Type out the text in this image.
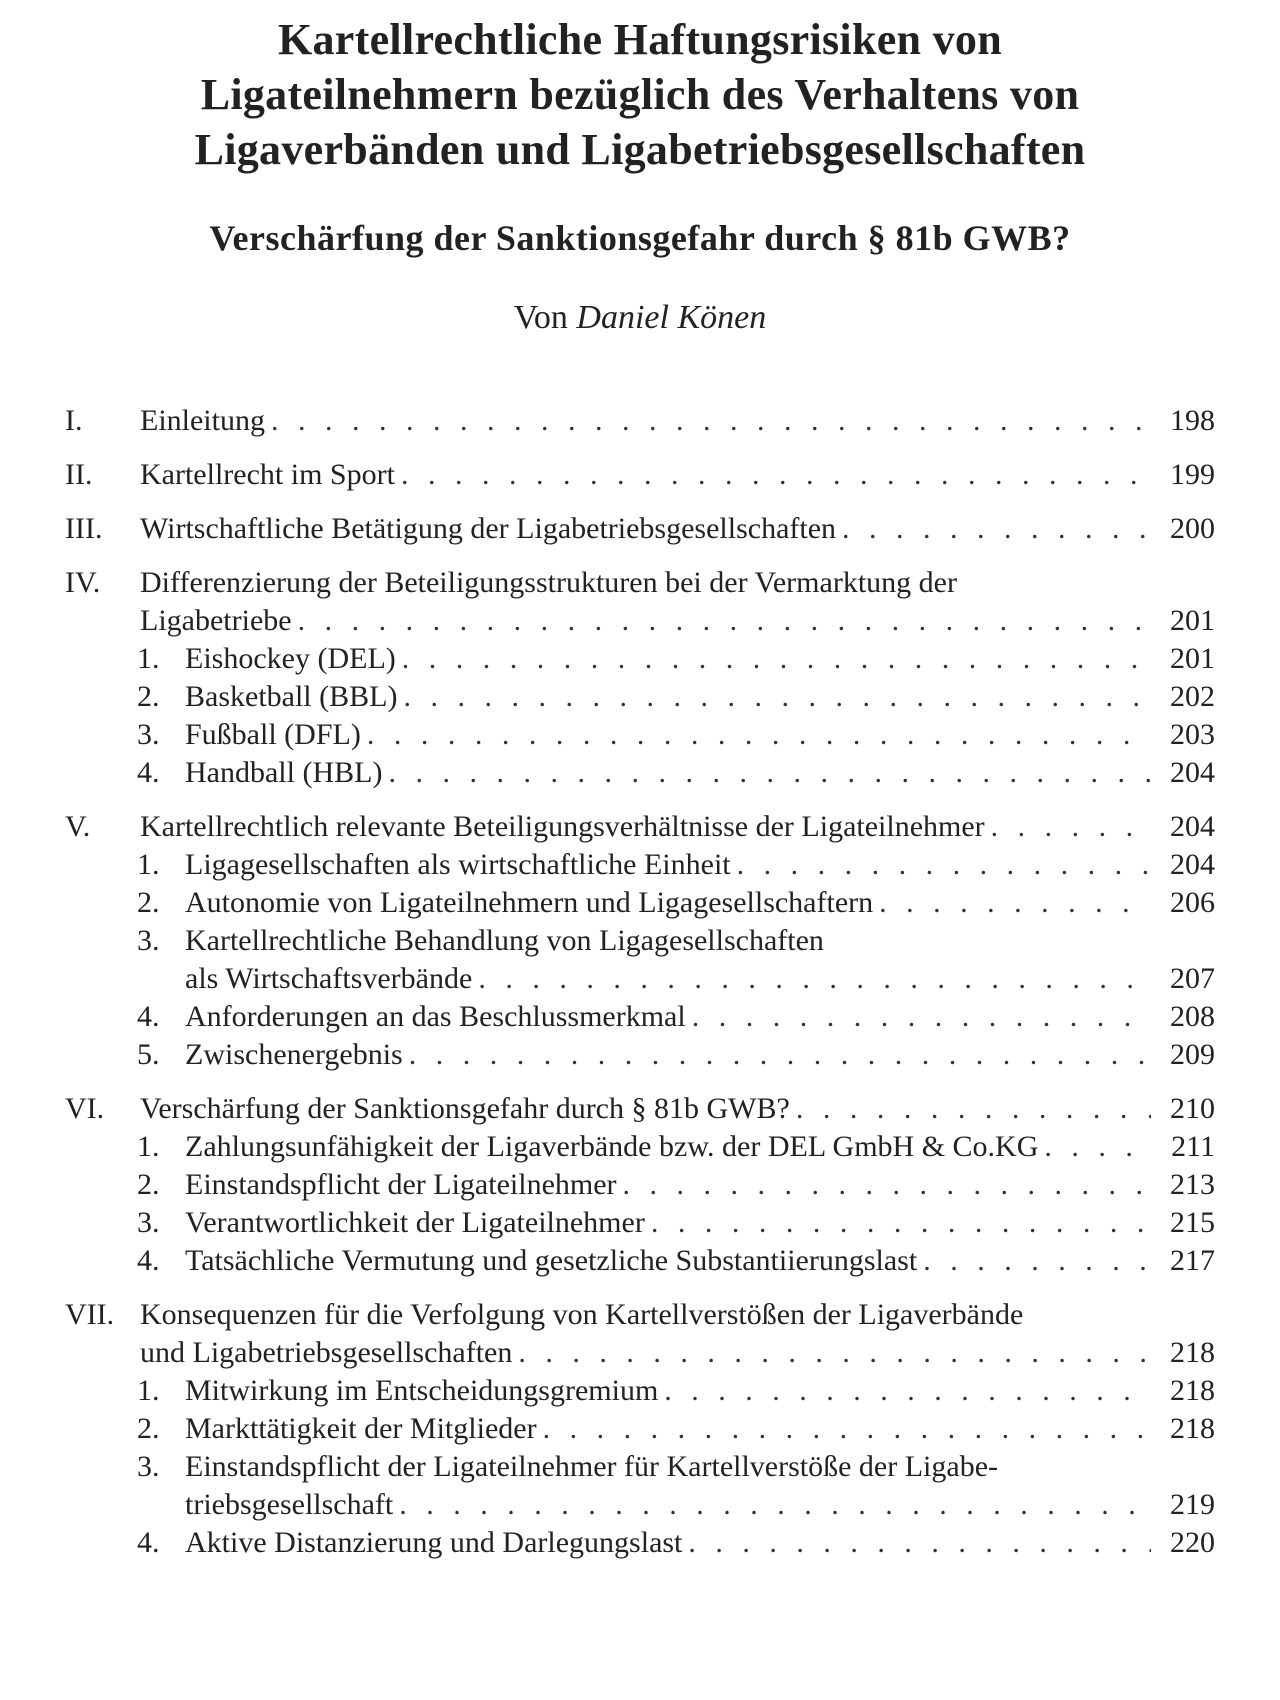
Kartellrechtliche Haftungsrisiken von
Ligateilnehmern bezüglich des Verhaltens von
Ligaverbänden und Ligabetriebsgesellschaften
Verschärfung der Sanktionsgefahr durch § 81b GWB?
Von Daniel Könen
I. Einleitung . . .	198
II. Kartellrecht im Sport . . .	199
III. Wirtschaftliche Betätigung der Ligabetriebsgesellschaften . . .	200
IV. Differenzierung der Beteiligungsstrukturen bei der Vermarktung der
Ligabetriebe . . .	201
1. Eishockey (DEL) . . .	201
2. Basketball (BBL) . . .	202
3. Fußball (DFL) . . .	203
4. Handball (HBL) . . .	204
V. Kartellrechtlich relevante Beteiligungsverhältnisse der Ligateilnehmer . . .	204
1. Ligagesellschaften als wirtschaftliche Einheit . . .	204
2. Autonomie von Ligateilnehmern und Ligagesellschaftern . . .	206
3. Kartellrechtliche Behandlung von Ligagesellschaften
als Wirtschaftsverbände . . .	207
4. Anforderungen an das Beschlussmerkmal . . .	208
5. Zwischenergebnis . . .	209
VI. Verschärfung der Sanktionsgefahr durch § 81b GWB? . . .	210
1. Zahlungsunfähigkeit der Ligaverbände bzw. der DEL GmbH & Co.KG . . .	211
2. Einstandspflicht der Ligateilnehmer . . .	213
3. Verantwortlichkeit der Ligateilnehmer . . .	215
4. Tatsächliche Vermutung und gesetzliche Substantiierungslast . . .	217
VII. Konsequenzen für die Verfolgung von Kartellverstößen der Ligaverbände
und Ligabetriebsgesellschaften . . .	218
1. Mitwirkung im Entscheidungsgremium . . .	218
2. Markttätigkeit der Mitglieder . . .	218
3. Einstandspflicht der Ligateilnehmer für Kartellverstöße der Ligabe-
triebsgesellschaft . . .	219
4. Aktive Distanzierung und Darlegungslast . . .	220
